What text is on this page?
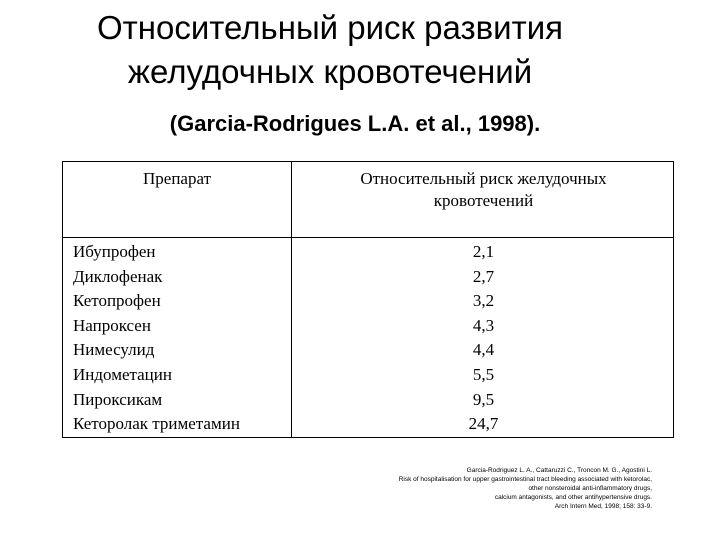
Относительный риск развития
желудочных кровотечений
(Garcia-Rodrigues L.A. et al., 1998).
Препарат	Относительный риск желудочных
кровотечений
Ибупрофен
Диклофенак
Кетопрофен
Напроксен
Нимесулид
Индометацин
Пироксикам
Кеторолак триметамин
2,1
2,7
3,2
4,3
4,4
5,5
9,5
24,7
Garcia-Rodriguez L. A., Cattaruzzi C., Troncon M. G., Agostini L.
Risk of hospitalisation for upper gastrointestinal tract bleeding associated with ketorolac,
other nonsteroidal anti-inflammatory drugs,
calcium antagonists, and other antihypertensive drugs.
Arch Intern Med, 1998; 158: 33-9.
